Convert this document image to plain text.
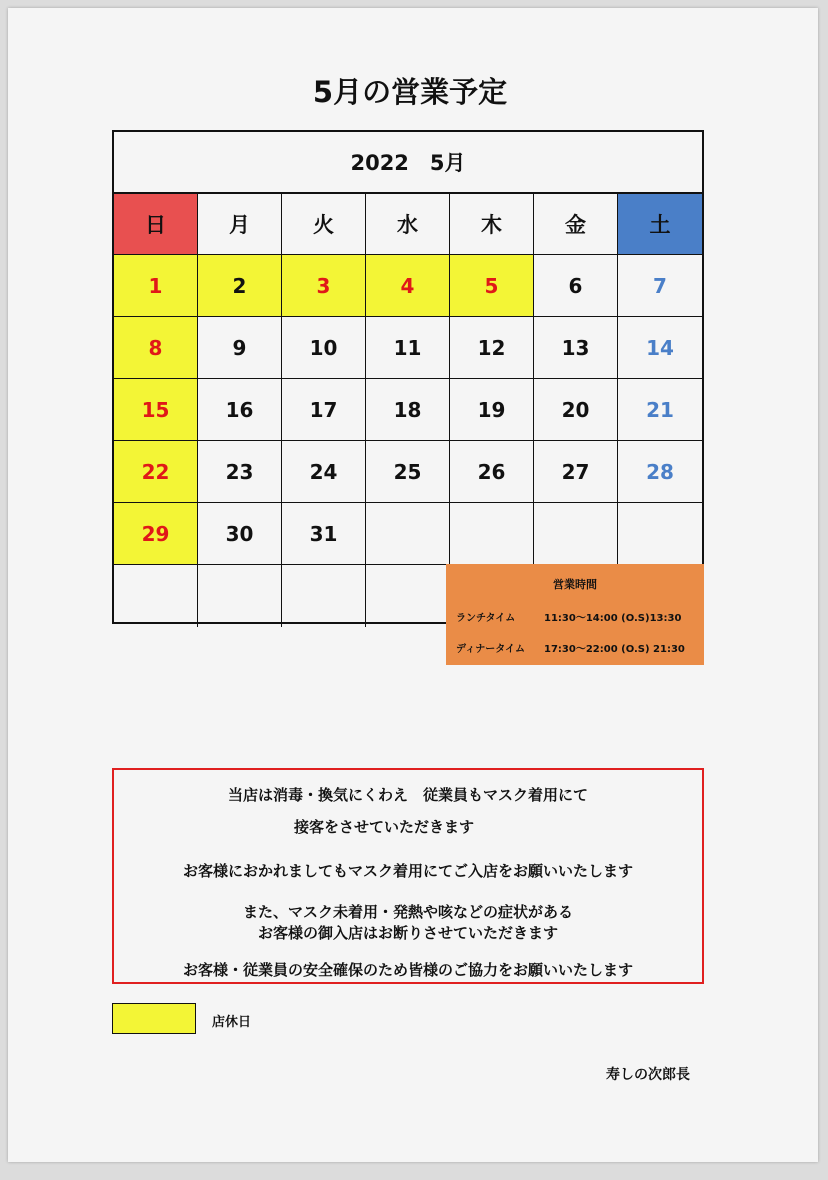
5月の営業予定
2022　5月
日	月	火	水	木	金	土
1	2	3	4	5	6	7
8	9	10	11	12	13	14
15	16	17	18	19	20	21
22	23	24	25	26	27	28
29	30	31
営業時間
ランチタイム	11:30〜14:00 (O.S)13:30
ディナータイム 17:30〜22:00 (O.S) 21:30
当店は消毒・換気にくわえ　従業員もマスク着用にて
接客をさせていただきます
お客様におかれましてもマスク着用にてご入店をお願いいたします
また、マスク未着用・発熱や咳などの症状がある
お客様の御入店はお断りさせていただきます
お客様・従業員の安全確保のため皆様のご協力をお願いいたします
店休日
寿しの次郎長
